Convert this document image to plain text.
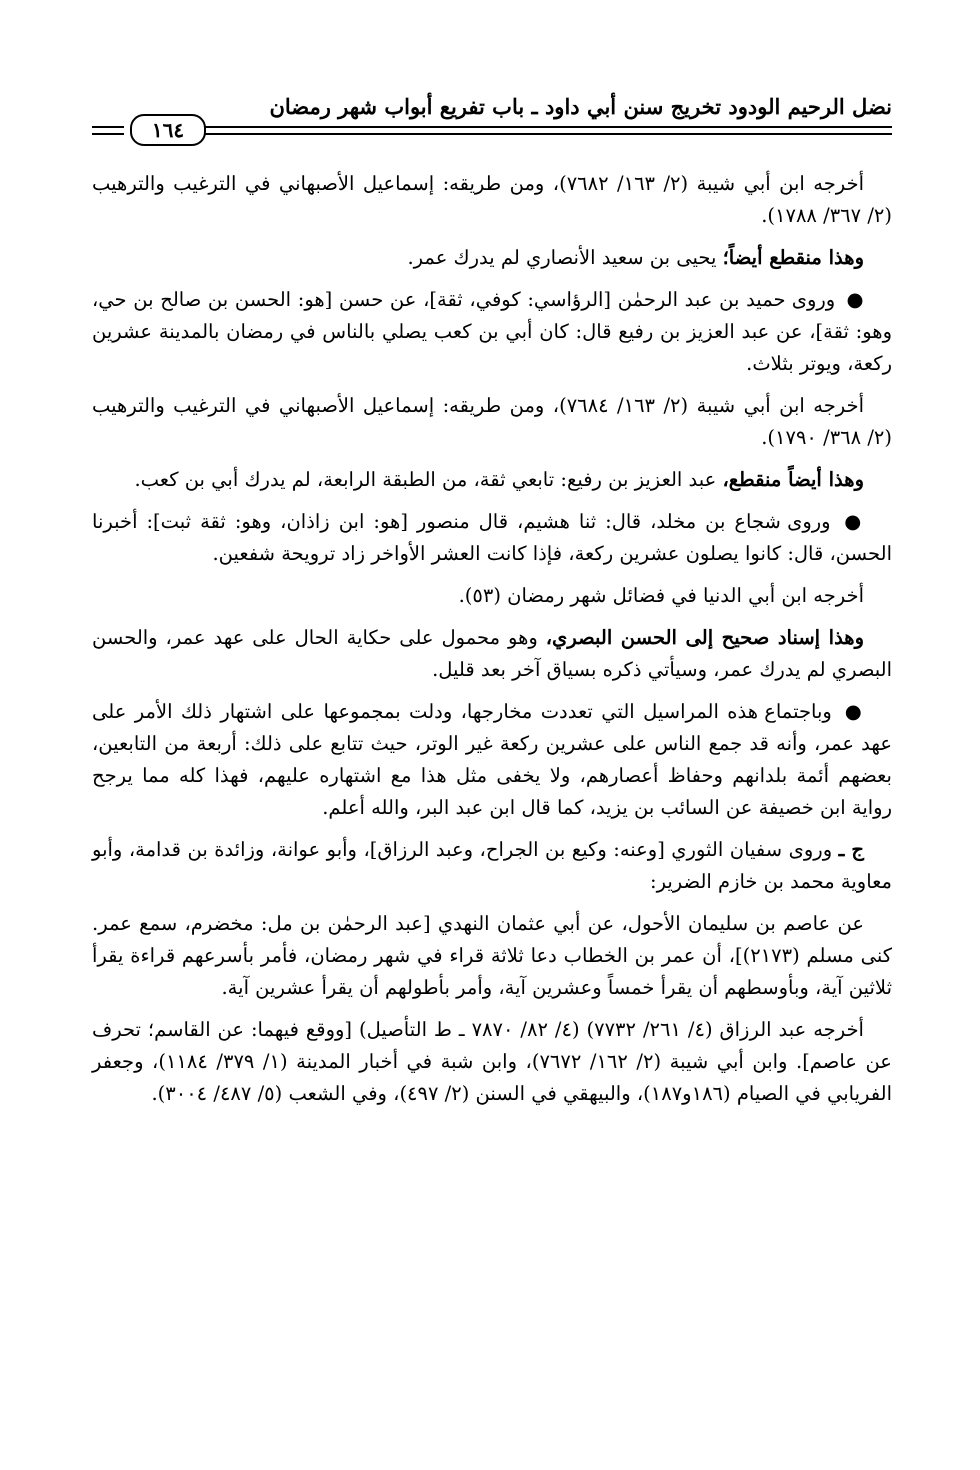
نضل الرحيم الودود تخريج سنن أبي داود ـ باب تفريع أبواب شهر رمضان
١٦٤

أخرجه ابن أبي شيبة (٢/ ١٦٣/ ٧٦٨٢)، ومن طريقه: إسماعيل الأصبهاني في الترغيب والترهيب (٢/ ٣٦٧/ ١٧٨٨).

وهذا منقطع أيضاً؛ يحيى بن سعيد الأنصاري لم يدرك عمر.

● وروى حميد بن عبد الرحمٰن [الرؤاسي: كوفي، ثقة]، عن حسن [هو: الحسن بن صالح بن حي، وهو: ثقة]، عن عبد العزيز بن رفيع قال: كان أبي بن كعب يصلي بالناس في رمضان بالمدينة عشرين ركعة، ويوتر بثلاث.

أخرجه ابن أبي شيبة (٢/ ١٦٣/ ٧٦٨٤)، ومن طريقه: إسماعيل الأصبهاني في الترغيب والترهيب (٢/ ٣٦٨/ ١٧٩٠).

وهذا أيضاً منقطع، عبد العزيز بن رفيع: تابعي ثقة، من الطبقة الرابعة، لم يدرك أبي بن كعب.

● وروى شجاع بن مخلد، قال: ثنا هشيم، قال منصور [هو: ابن زاذان، وهو: ثقة ثبت]: أخبرنا الحسن، قال: كانوا يصلون عشرين ركعة، فإذا كانت العشر الأواخر زاد ترويحة شفعين.

أخرجه ابن أبي الدنيا في فضائل شهر رمضان (٥٣).

وهذا إسناد صحيح إلى الحسن البصري، وهو محمول على حكاية الحال على عهد عمر، والحسن البصري لم يدرك عمر، وسيأتي ذكره بسياق آخر بعد قليل.

● وباجتماع هذه المراسيل التي تعددت مخارجها، ودلت بمجموعها على اشتهار ذلك الأمر على عهد عمر، وأنه قد جمع الناس على عشرين ركعة غير الوتر، حيث تتابع على ذلك: أربعة من التابعين، بعضهم أئمة بلدانهم وحفاظ أعصارهم، ولا يخفى مثل هذا مع اشتهاره عليهم، فهذا كله مما يرجح رواية ابن خصيفة عن السائب بن يزيد، كما قال ابن عبد البر، والله أعلم.

ج ـ وروى سفيان الثوري [وعنه: وكيع بن الجراح، وعبد الرزاق]، وأبو عوانة، وزائدة بن قدامة، وأبو معاوية محمد بن خازم الضرير:

عن عاصم بن سليمان الأحول، عن أبي عثمان النهدي [عبد الرحمٰن بن مل: مخضرم، سمع عمر. كنى مسلم (٢١٧٣)]، أن عمر بن الخطاب دعا ثلاثة قراء في شهر رمضان، فأمر بأسرعهم قراءة يقرأ ثلاثين آية، وبأوسطهم أن يقرأ خمساً وعشرين آية، وأمر بأطولهم أن يقرأ عشرين آية.

أخرجه عبد الرزاق (٤/ ٢٦١/ ٧٧٣٢) (٤/ ٨٢/ ٧٨٧٠ ـ ط التأصيل) [ووقع فيهما: عن القاسم؛ تحرف عن عاصم]. وابن أبي شيبة (٢/ ١٦٢/ ٧٦٧٢)، وابن شبة في أخبار المدينة (١/ ٣٧٩/ ١١٨٤)، وجعفر الفريابي في الصيام (١٨٦و١٨٧)، والبيهقي في السنن (٢/ ٤٩٧)، وفي الشعب (٥/ ٤٨٧/ ٣٠٠٤).
